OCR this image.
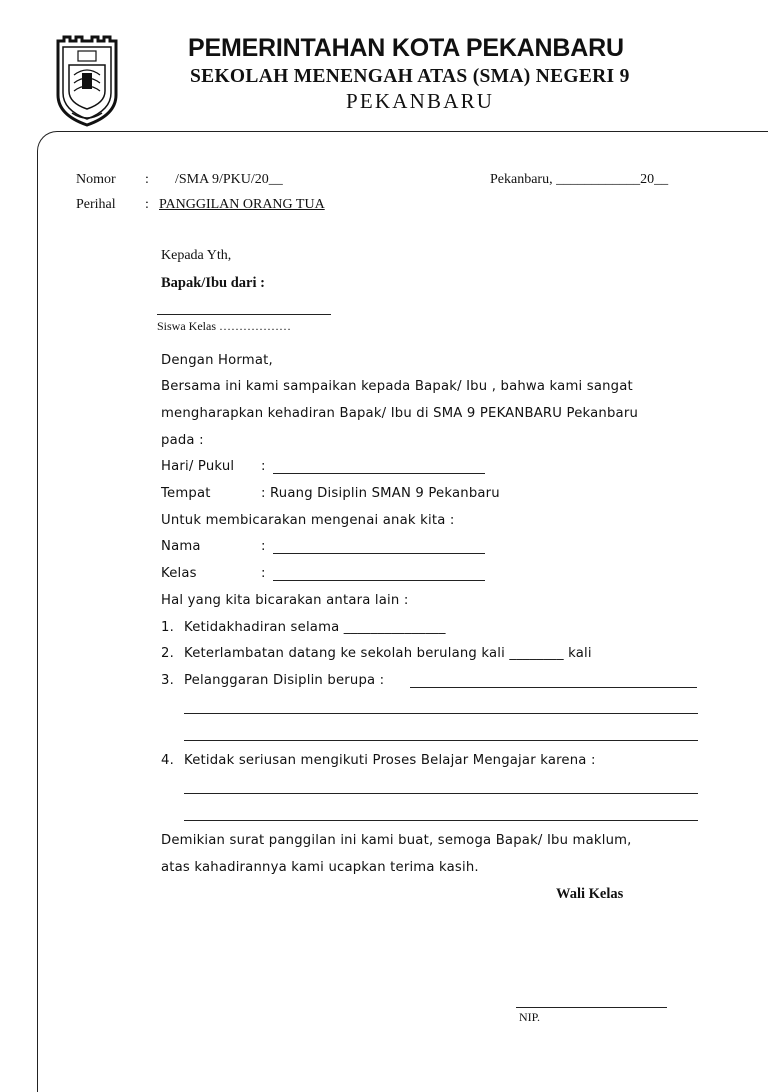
PEMERINTAHAN KOTA PEKANBARU
SEKOLAH MENENGAH ATAS (SMA) NEGERI 9
PEKANBARU
Nomor : /SMA 9/PKU/20__	Pekanbaru, ____________20__
Perihal : PANGGILAN ORANG TUA
Kepada Yth,
Bapak/Ibu dari :
Siswa Kelas ………………
Dengan Hormat,
Bersama ini kami sampaikan kepada Bapak/ Ibu , bahwa kami sangat
mengharapkan kehadiran Bapak/ Ibu di SMA 9 PEKANBARU Pekanbaru
pada :
Hari/ Pukul :
Tempat	: Ruang Disiplin SMAN 9 Pekanbaru
Untuk membicarakan mengenai anak kita :
Nama	:
Kelas	:
Hal yang kita bicarakan antara lain :
1. Ketidakhadiran selama _______________
2. Keterlambatan datang ke sekolah berulang kali ________ kali
3. Pelanggaran Disiplin berupa :
4. Ketidak seriusan mengikuti Proses Belajar Mengajar karena :
Demikian surat panggilan ini kami buat, semoga Bapak/ Ibu maklum,
atas kahadirannya kami ucapkan terima kasih.
Wali Kelas
NIP.
